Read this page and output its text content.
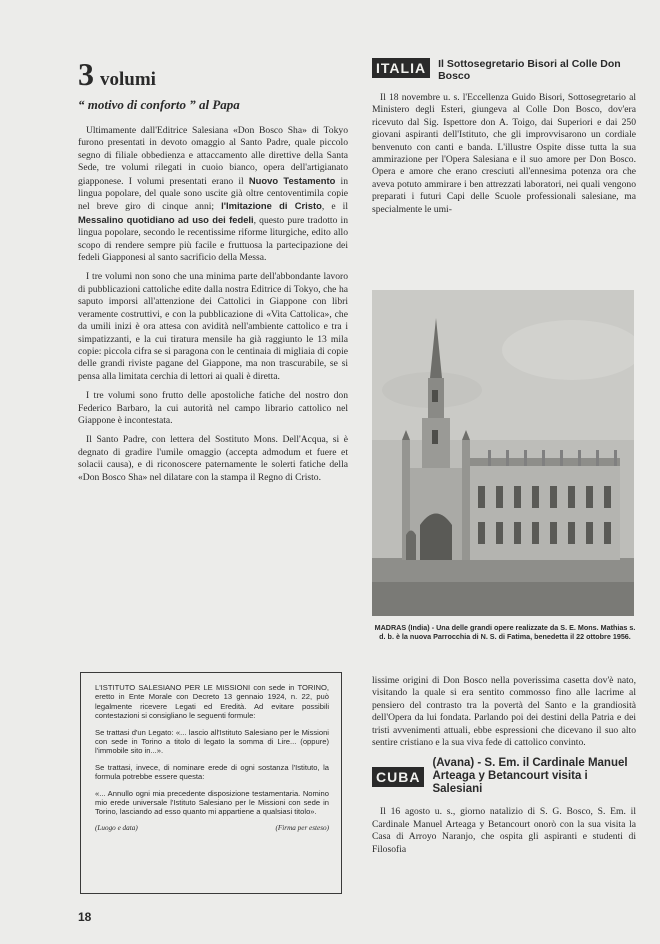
3 volumi
“ motivo di conforto ” al Papa

Ultimamente dall'Editrice Salesiana «Don Bosco Sha» di Tokyo furono presentati in devoto omaggio al Santo Padre, quale piccolo segno di filiale obbedienza e attaccamento alle direttive della Santa Sede, tre volumi rilegati in cuoio bianco, opera dell'artigianato giapponese. I volumi presentati erano il Nuovo Testamento in lingua popolare, del quale sono uscite già oltre centoventimila copie nel breve giro di cinque anni; l'Imitazione di Cristo, e il Messalino quotidiano ad uso dei fedeli, questo pure tradotto in lingua popolare, secondo le recentissime riforme liturgiche, edito allo scopo di rendere sempre più facile e fruttuosa la partecipazione dei fedeli Giapponesi al santo sacrificio della Messa.

I tre volumi non sono che una minima parte dell'abbondante lavoro di pubblicazioni cattoliche edite dalla nostra Editrice di Tokyo, che ha saputo imporsi all'attenzione dei Cattolici in Giappone con libri veramente costruttivi, e con la pubblicazione di «Vita Cattolica», che da umili inizi è ora attesa con avidità nell'ambiente cattolico e tra i simpatizzanti, e la cui tiratura mensile ha già raggiunto le 13 mila copie: piccola cifra se si paragona con le centinaia di migliaia di copie delle grandi riviste pagane del Giappone, ma non trascurabile, se si pensa alla limitata cerchia di lettori ai quali è diretta.

I tre volumi sono frutto delle apostoliche fatiche del nostro don Federico Barbaro, la cui autorità nel campo librario cattolico nel Giappone è incontestata.

Il Santo Padre, con lettera del Sostituto Mons. Dell'Acqua, si è degnato di gradire l'umile omaggio (accepta admodum et fuere et solacii causa), e di riconoscere paternamente le solerti fatiche della «Don Bosco Sha» nel dilatare con la stampa il Regno di Cristo.

L'ISTITUTO SALESIANO PER LE MISSIONI con sede in TORINO, eretto in Ente Morale con Decreto 13 gennaio 1924, n. 22, può legalmente ricevere Legati ed Eredità. Ad evitare possibili contestazioni si consigliano le seguenti formule:

Se trattasi d'un Legato: «... lascio all'Istituto Salesiano per le Missioni con sede in Torino a titolo di legato la somma di Lire... (oppure) l'immobile sito in...».

Se trattasi, invece, di nominare erede di ogni sostanza l'Istituto, la formula potrebbe essere questa:

«... Annullo ogni mia precedente disposizione testamentaria. Nomino mio erede universale l'Istituto Salesiano per le Missioni con sede in Torino, lasciando ad esso quanto mi appartiene a qualsiasi titolo».

(Luogo e data)	(Firma per esteso)
ITALIA	Il Sottosegretario Bisori al Colle Don Bosco

Il 18 novembre u. s. l'Eccellenza Guido Bisori, Sottosegretario al Ministero degli Esteri, giungeva al Colle Don Bosco, dov'era ricevuto dal Sig. Ispettore don A. Toigo, dai Superiori e dai 250 giovani aspiranti dell'Istituto, che gli improvvisarono un cordiale benvenuto con canti e banda. L'illustre Ospite disse tutta la sua ammirazione per l'Opera Salesiana e il suo amore per Don Bosco. Opera e amore che erano cresciuti all'ennesima potenza ora che aveva potuto ammirare i ben attrezzati laboratori, nei quali vengono preparati i futuri Capi delle Scuole professionali salesiane, ma specialmente le umi-

MADRAS (India) - Una delle grandi opere realizzate da S. E. Mons. Mathias s. d. b. è la nuova Parrocchia di N. S. di Fatima, benedetta il 22 ottobre 1956.

lissime origini di Don Bosco nella poverissima casetta dov'è nato, visitando la quale si era sentito commosso fino alle lacrime al pensiero del contrasto tra la povertà del Santo e la grandiosità dell'Opera da lui fondata. Parlando poi dei destini della Patria e dei tristi avvenimenti attuali, ebbe espressioni che dicevano il suo alto sentire cristiano e la sua viva fede di cattolico convinto.

CUBA
(Avana) - S. Em. il Cardinale Manuel Arteaga y Betancourt visita i Salesiani

Il 16 agosto u. s., giorno natalizio di S. G. Bosco, S. Em. il Cardinale Manuel Arteaga y Betancourt onorò con la sua visita la Casa di Arroyo Naranjo, che ospita gli aspiranti e studenti di Filosofia

18
